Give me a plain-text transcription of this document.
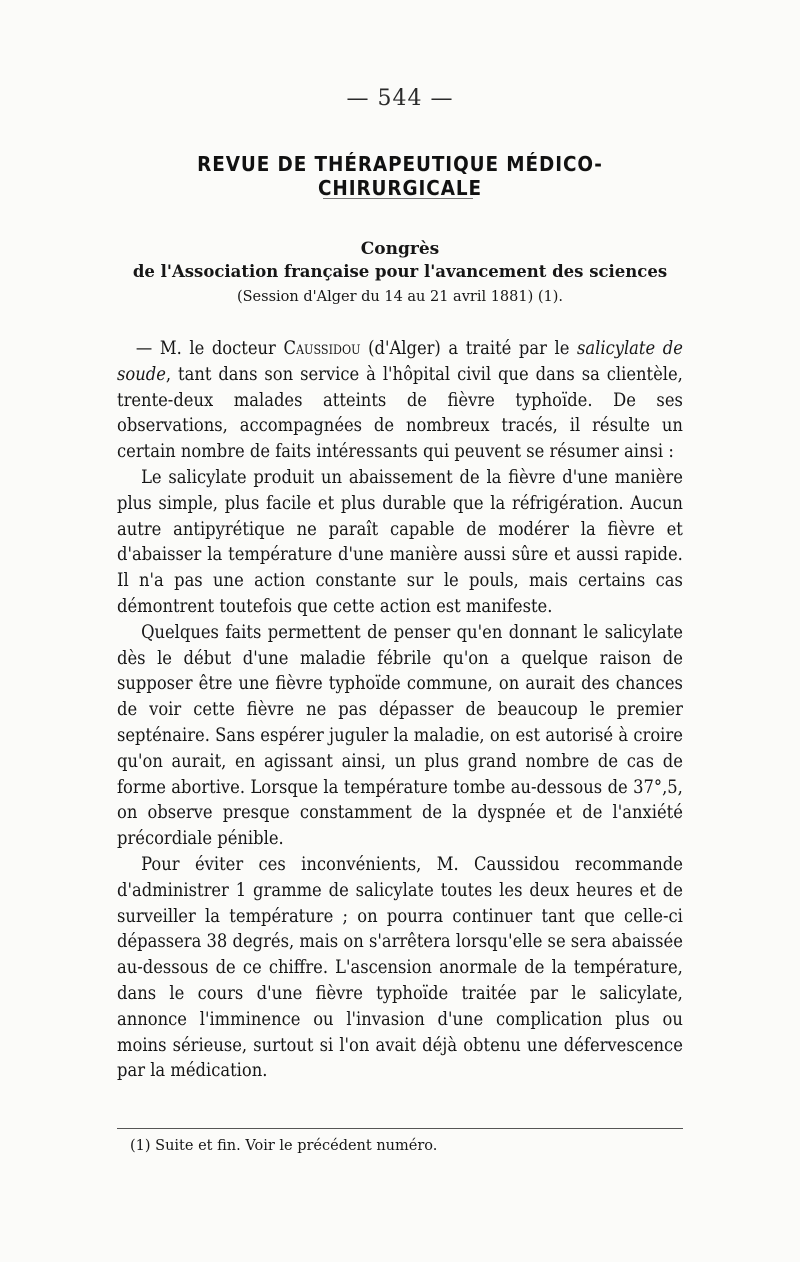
— 544 —
REVUE DE THÉRAPEUTIQUE MÉDICO-CHIRURGICALE
Congrès
de l'Association française pour l'avancement des sciences
(Session d'Alger du 14 au 21 avril 1881) (1).

— M. le docteur Caussidou (d'Alger) a traité par le salicylate de soude, tant dans son service à l'hôpital civil que dans sa clientèle, trente-deux malades atteints de fièvre typhoïde. De ses observations, accompagnées de nombreux tracés, il résulte un certain nombre de faits intéressants qui peuvent se résumer ainsi :

Le salicylate produit un abaissement de la fièvre d'une manière plus simple, plus facile et plus durable que la réfrigération. Aucun autre antipyrétique ne paraît capable de modérer la fièvre et d'abaisser la température d'une manière aussi sûre et aussi rapide. Il n'a pas une action constante sur le pouls, mais certains cas démontrent toutefois que cette action est manifeste.

Quelques faits permettent de penser qu'en donnant le salicylate dès le début d'une maladie fébrile qu'on a quelque raison de supposer être une fièvre typhoïde commune, on aurait des chances de voir cette fièvre ne pas dépasser de beaucoup le premier septénaire. Sans espérer juguler la maladie, on est autorisé à croire qu'on aurait, en agissant ainsi, un plus grand nombre de cas de forme abortive. Lorsque la température tombe au-dessous de 37°,5, on observe presque constamment de la dyspnée et de l'anxiété précordiale pénible.

Pour éviter ces inconvénients, M. Caussidou recommande d'administrer 1 gramme de salicylate toutes les deux heures et de surveiller la température ; on pourra continuer tant que celle-ci dépassera 38 degrés, mais on s'arrêtera lorsqu'elle se sera abaissée au-dessous de ce chiffre. L'ascension anormale de la température, dans le cours d'une fièvre typhoïde traitée par le salicylate, annonce l'imminence ou l'invasion d'une complication plus ou moins sérieuse, surtout si l'on avait déjà obtenu une défervescence par la médication.

(1) Suite et fin. Voir le précédent numéro.
